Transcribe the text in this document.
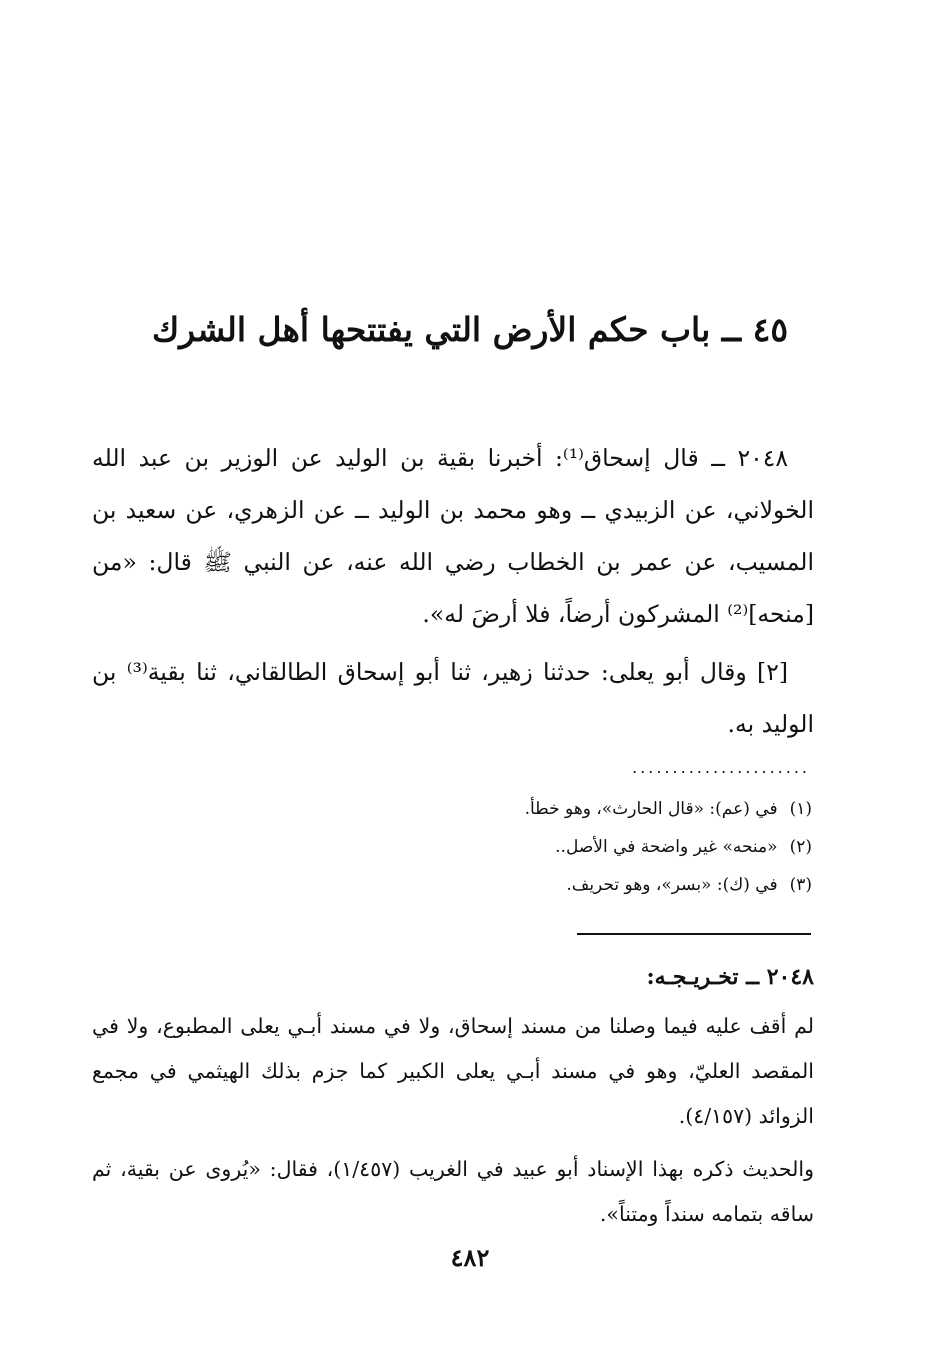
٤٥ ــ باب حكم الأرض التي يفتتحها أهل الشرك

٢٠٤٨ ــ قال إسحاق⁽¹⁾: أخبرنا بقية بن الوليد عن الوزير بن عبد الله الخولاني، عن الزبيدي ــ وهو محمد بن الوليد ــ عن الزهري، عن سعيد بن المسيب، عن عمر بن الخطاب رضي الله عنه، عن النبي ﷺ قال: «من [منحه]⁽²⁾ المشركون أرضاً، فلا أرضَ له».

[٢] وقال أبو يعلى: حدثنا زهير، ثنا أبو إسحاق الطالقاني، ثنا بقية⁽³⁾ بن الوليد به.

......................
(١)في (عم): «قال الحارث»، وهو خطأ.
(٢)«منحه» غير واضحة في الأصل..
(٣)في (ك): «بسر»، وهو تحريف.
٢٠٤٨ ــ تخـريـجـه:

لم أقف عليه فيما وصلنا من مسند إسحاق، ولا في مسند أبـي يعلى المطبوع، ولا في المقصد العليّ، وهو في مسند أبـي يعلى الكبير كما جزم بذلك الهيثمي في مجمع الزوائد (٤/١٥٧).

والحديث ذكره بهذا الإسناد أبو عبيد في الغريب (١/٤٥٧)، فقال: «يُروى عن بقية، ثم ساقه بتمامه سنداً ومتناً».

٤٨٢
